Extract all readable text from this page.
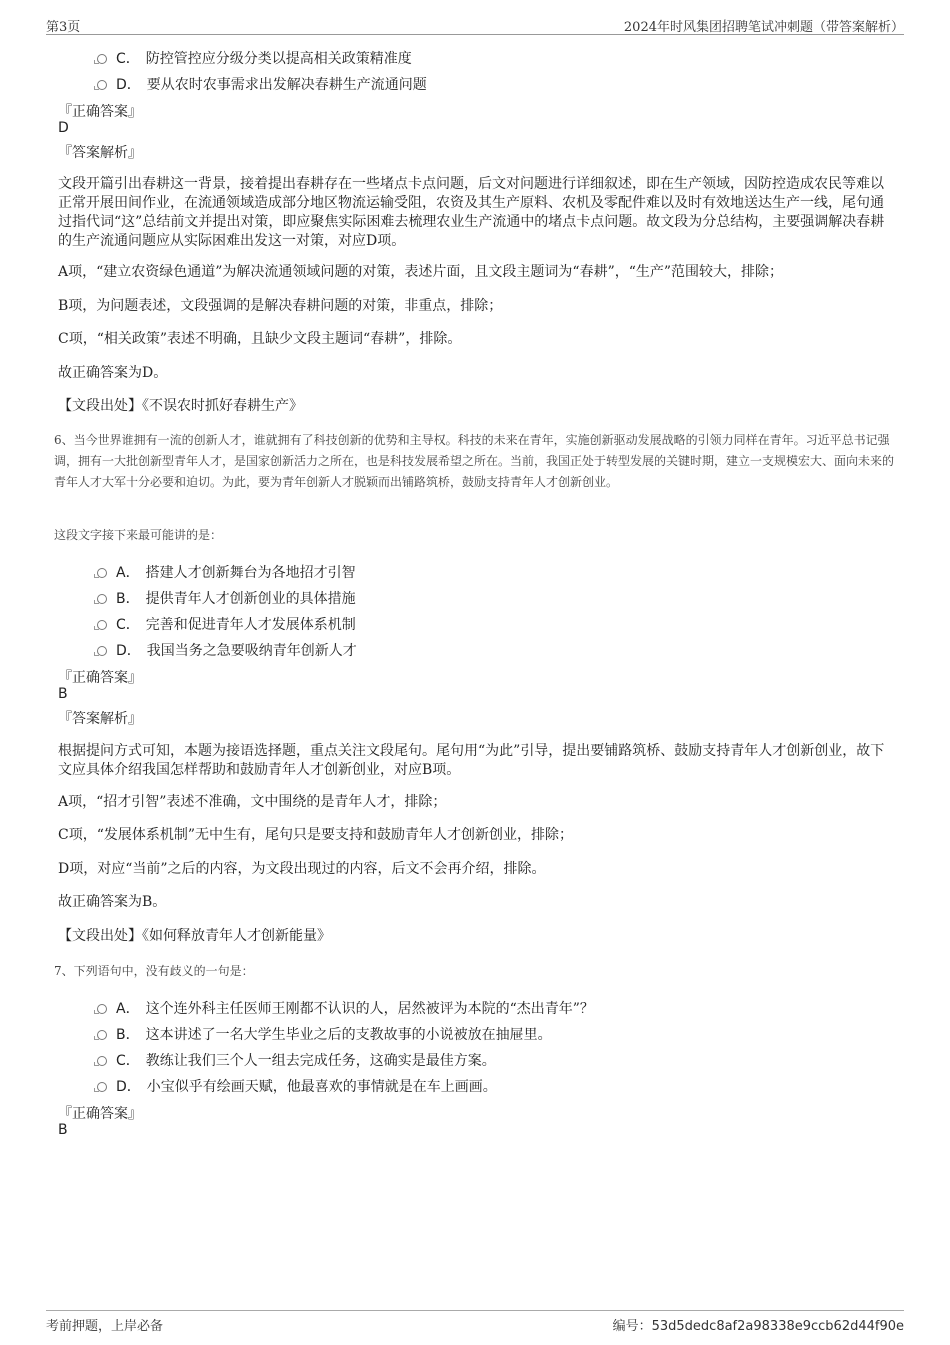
第3页	2024年时风集团招聘笔试冲刺题（带答案解析）
C． 防控管控应分级分类以提高相关政策精准度
D． 要从农时农事需求出发解决春耕生产流通问题
『正确答案』
D
『答案解析』
文段开篇引出春耕这一背景，接着提出春耕存在一些堵点卡点问题，后文对问题进行详细叙述，即在生产领域，因防控造成农民等难以正常开展田间作业，在流通领域造成部分地区物流运输受阻，农资及其生产原料、农机及零配件难以及时有效地送达生产一线，尾句通过指代词“这”总结前文并提出对策，即应聚焦实际困难去梳理农业生产流通中的堵点卡点问题。故文段为分总结构，主要强调解决春耕的生产流通问题应从实际困难出发这一对策，对应D项。
A项，“建立农资绿色通道”为解决流通领域问题的对策，表述片面，且文段主题词为“春耕”，“生产”范围较大，排除；
B项，为问题表述，文段强调的是解决春耕问题的对策，非重点，排除；
C项，“相关政策”表述不明确，且缺少文段主题词“春耕”，排除。
故正确答案为D。
【文段出处】《不误农时抓好春耕生产》
6、当今世界谁拥有一流的创新人才，谁就拥有了科技创新的优势和主导权。科技的未来在青年，实施创新驱动发展战略的引领力同样在青年。习近平总书记强调，拥有一大批创新型青年人才，是国家创新活力之所在，也是科技发展希望之所在。当前，我国正处于转型发展的关键时期，建立一支规模宏大、面向未来的青年人才大军十分必要和迫切。为此，要为青年创新人才脱颖而出铺路筑桥，鼓励支持青年人才创新创业。
这段文字接下来最可能讲的是：
A． 搭建人才创新舞台为各地招才引智
B． 提供青年人才创新创业的具体措施
C． 完善和促进青年人才发展体系机制
D． 我国当务之急要吸纳青年创新人才
『正确答案』
B
『答案解析』
根据提问方式可知，本题为接语选择题，重点关注文段尾句。尾句用“为此”引导，提出要铺路筑桥、鼓励支持青年人才创新创业，故下文应具体介绍我国怎样帮助和鼓励青年人才创新创业，对应B项。
A项，“招才引智”表述不准确，文中围绕的是青年人才，排除；
C项，“发展体系机制”无中生有，尾句只是要支持和鼓励青年人才创新创业，排除；
D项，对应“当前”之后的内容，为文段出现过的内容，后文不会再介绍，排除。
故正确答案为B。
【文段出处】《如何释放青年人才创新能量》
7、下列语句中，没有歧义的一句是：
A． 这个连外科主任医师王刚都不认识的人，居然被评为本院的“杰出青年”？
B． 这本讲述了一名大学生毕业之后的支教故事的小说被放在抽屉里。
C． 教练让我们三个人一组去完成任务，这确实是最佳方案。
D． 小宝似乎有绘画天赋，他最喜欢的事情就是在车上画画。
『正确答案』
B
考前押题，上岸必备	编号：53d5dedc8af2a98338e9ccb62d44f90e
